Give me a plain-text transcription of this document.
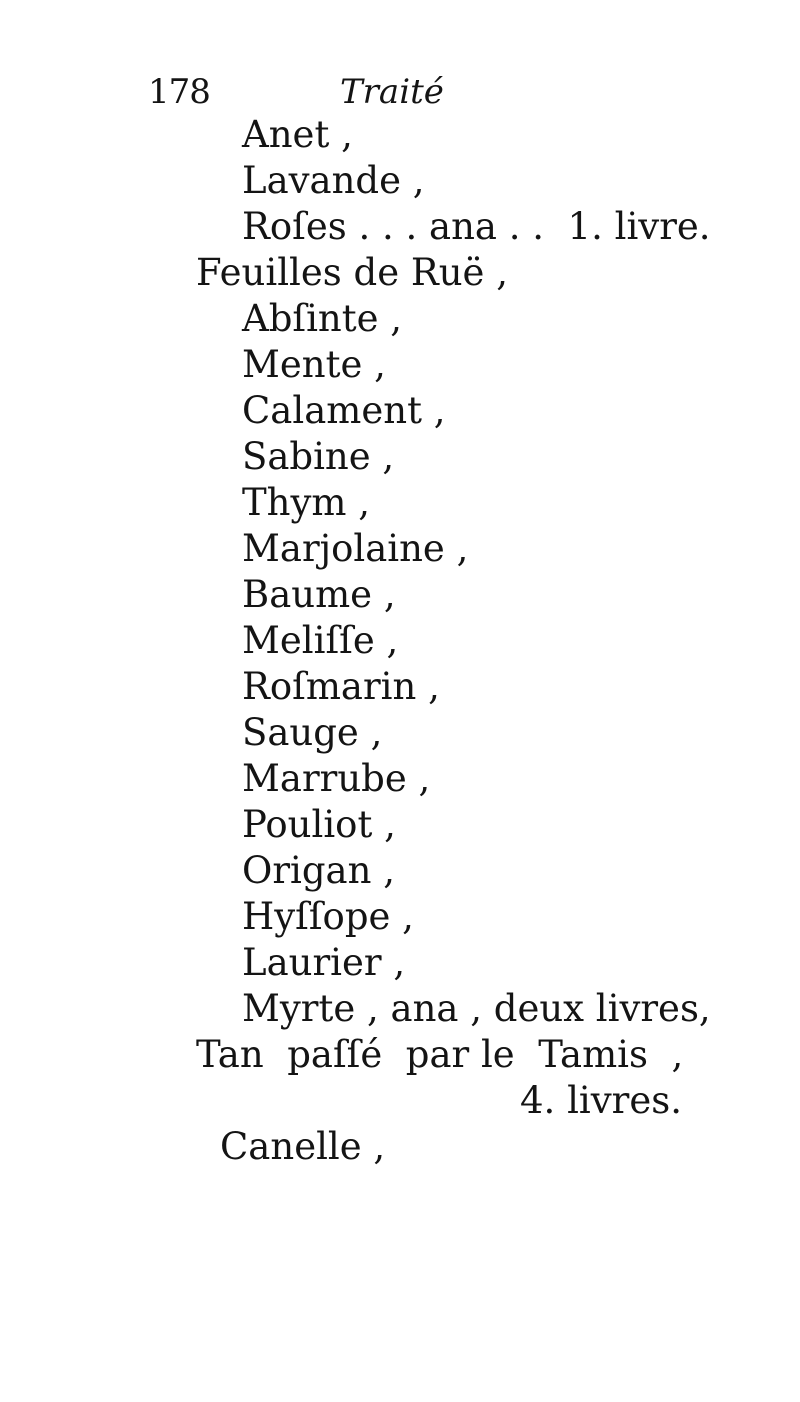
178	Traité
Anet ,
Lavande ,
Roſes . . . ana . .  1. livre.
Feuilles de Ruë ,
Abſinte ,
Mente ,
Calament ,
Sabine ,
Thym ,
Marjolaine ,
Baume ,
Meliſſe ,
Roſmarin ,
Sauge ,
Marrube ,
Pouliot ,
Origan ,
Hyſſope ,
Laurier ,
Myrte , ana , deux livres,
Tan  paſſé  par le  Tamis  ,
4. livres.
Canelle ,
